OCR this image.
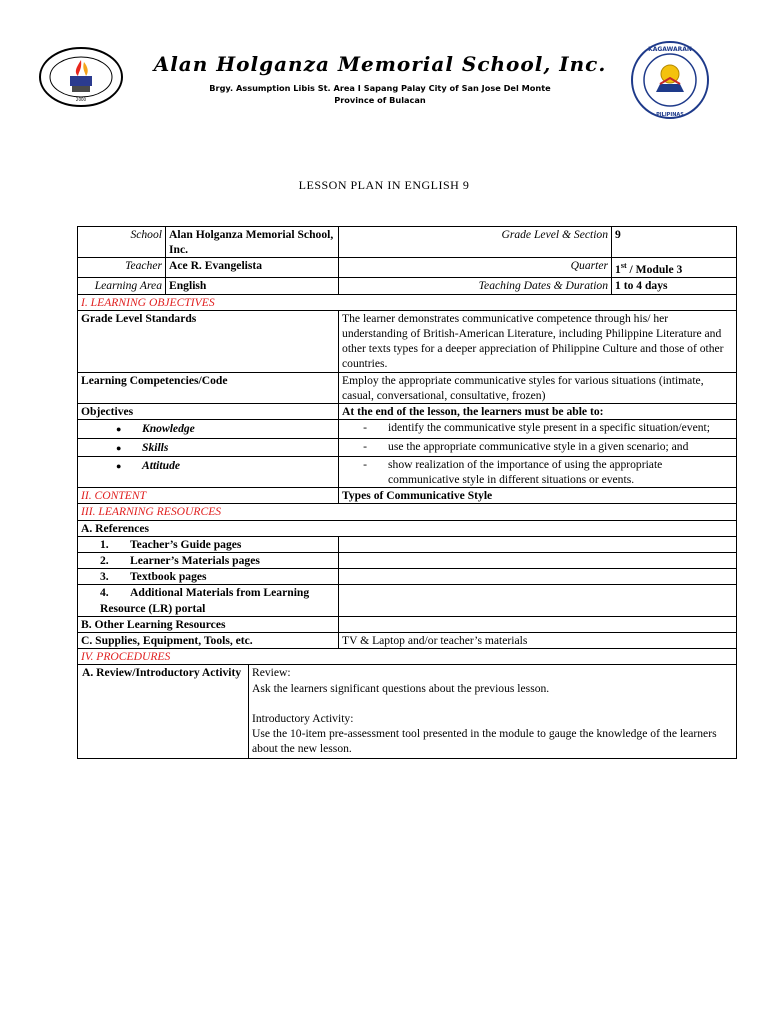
2000
Alan Holganza Memorial School, Inc.
Brgy. Assumption Libis St. Area I Sapang Palay City of San Jose Del Monte
Province of Bulacan
KAGAWARAN
PILIPINAS
LESSON PLAN IN ENGLISH 9
School	Alan Holganza Memorial School, Inc.		Grade Level & Section	9
Teacher	Ace R. Evangelista		Quarter	1st / Module 3
Learning Area	English		Teaching Dates & Duration	1 to 4 days
I. LEARNING OBJECTIVES				
Grade Level Standards			The learner demonstrates communicative competence through his/ her understanding of British-American Literature, including Philippine Literature and other texts types for a deeper appreciation of Philippine Culture and those of other countries.	
Learning Competencies/Code			Employ the appropriate communicative styles for various situations (intimate, casual, conversational, consultative, frozen)	
Objectives			At the end of the lesson, the learners must be able to:	
● Knowledge			- identify the communicative style present in a specific situation/event;	
● Skills			- use the appropriate communicative style in a given scenario; and	
● Attitude			- show realization of the importance of using the appropriate communicative style in different situations or events.	
II. CONTENT			Types of Communicative Style	
III. LEARNING RESOURCES				
A. References				
1. Teacher’s Guide pages				
2. Learner’s Materials pages				
3. Textbook pages				
4. Additional Materials from Learning Resource (LR) portal				
B. Other Learning Resources				
C. Supplies, Equipment, Tools, etc.			TV & Laptop and/or teacher’s materials	
IV. PROCEDURES				
A. Review/Introductory Activity		Review:
Ask the learners significant questions about the previous lesson.
Introductory Activity:
Use the 10-item pre-assessment tool presented in the module to gauge the knowledge of the learners about the new lesson.		
